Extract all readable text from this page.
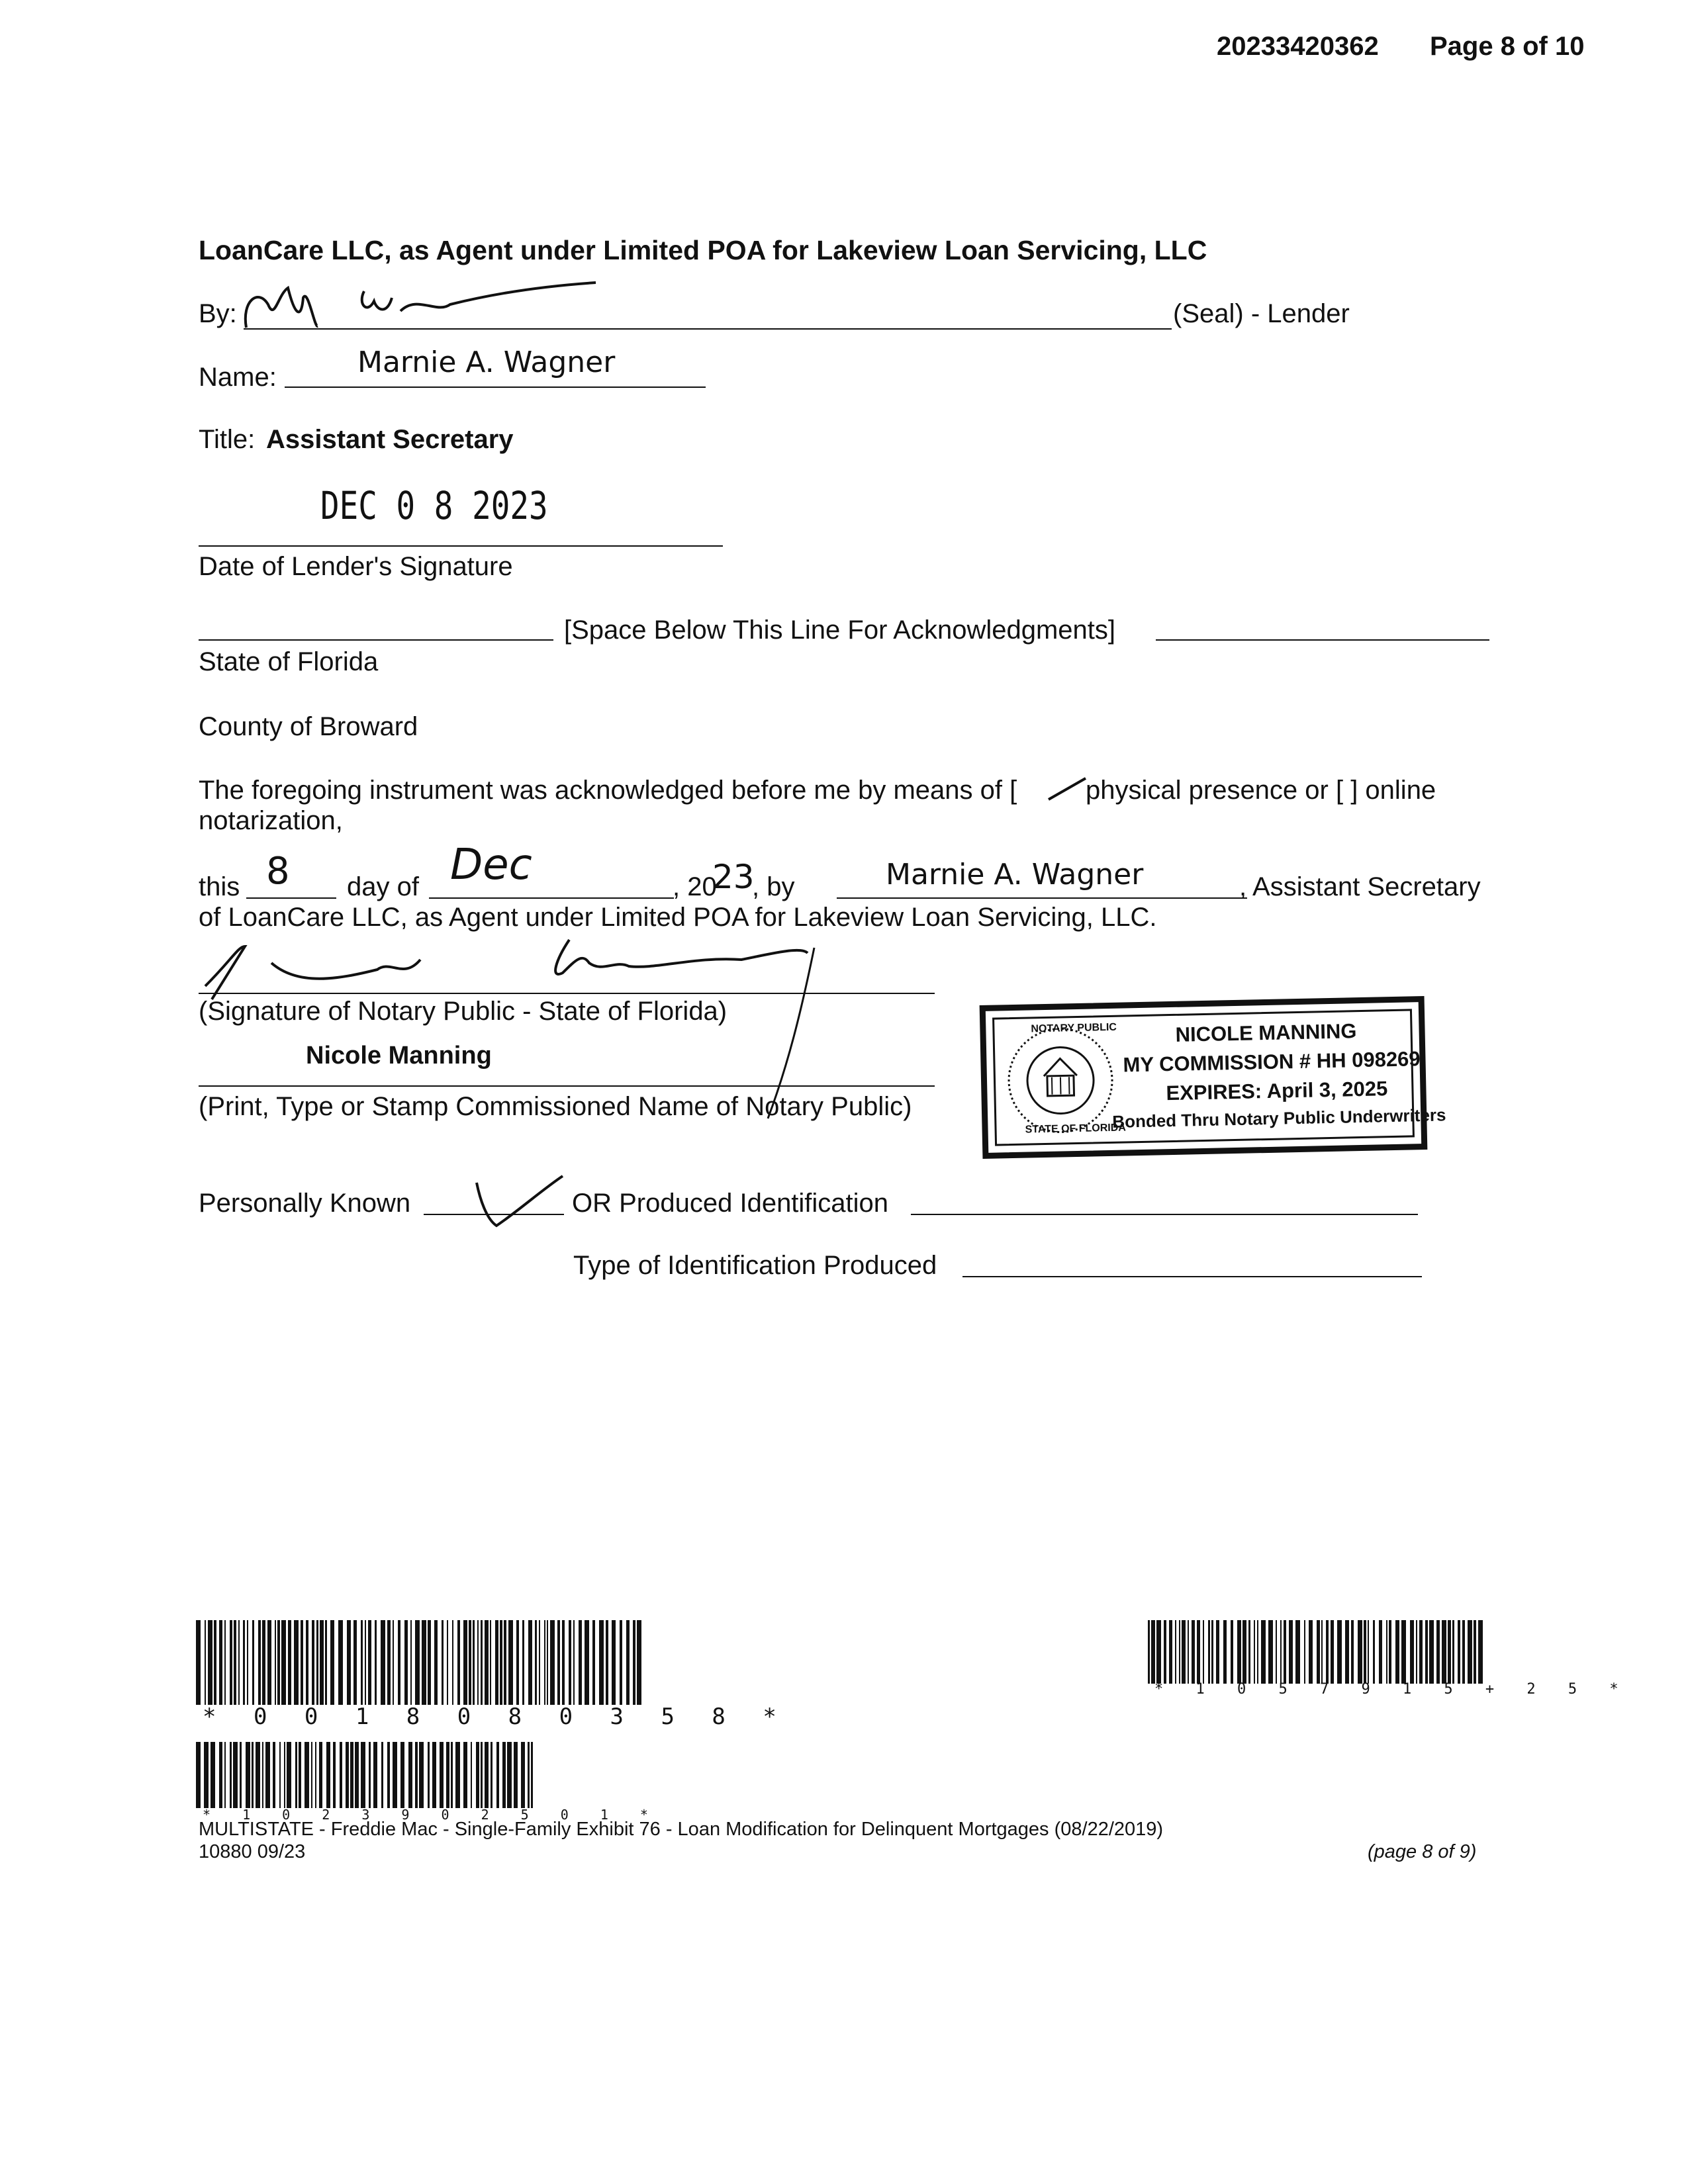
20233420362 Page 8 of 10
LoanCare LLC, as Agent under Limited POA for Lakeview Loan Servicing, LLC
By:	(Seal) - Lender
Name:	Marnie A. Wagner
Title: Assistant Secretary
DEC 0 8 2023
Date of Lender's Signature
[Space Below This Line For Acknowledgments]
State of Florida
County of Broward
The foregoing instrument was acknowledged before me by means of [	physical presence or [ ] online
notarization,
this 8 day of Dec	, 20
23
, by	Marnie A. Wagner	, Assistant Secretary
of LoanCare LLC, as Agent under Limited POA for Lakeview Loan Servicing, LLC.
(Signature of Notary Public - State of Florida)
Nicole Manning
(Print, Type or Stamp Commissioned Name of Notary Public)
NOTARY PUBLIC
STATE OF FLORIDA
NICOLE MANNING
MY COMMISSION # HH 098269
EXPIRES: April 3, 2025
Bonded Thru Notary Public Underwriters
Personally Known	OR Produced Identification
Type of Identification Produced
* 0 0 1 8 0 8 0 3 5 8 *
* 1 0 5 7 9 1 5 + 2 5 *
* 1 0 2 3 9 0 2 5 0 1 *
MULTISTATE - Freddie Mac - Single-Family Exhibit 76 - Loan Modification for Delinquent Mortgages (08/22/2019)
10880 09/23	(page 8 of 9)
